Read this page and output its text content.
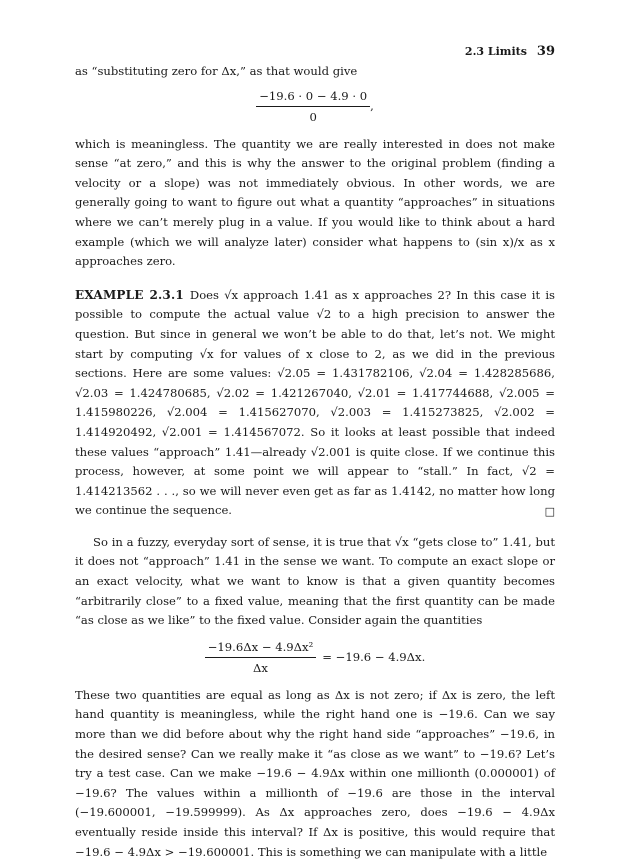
2.3 Limits 39

as “substituting zero for Δx,” as that would give

$\frac{-19.6 \cdot 0 - 4.9 \cdot 0}{0}$ ,

which is meaningless. The quantity we are really interested in does not make sense “at zero,” and this is why the answer to the original problem (finding a velocity or a slope) was not immediately obvious. In other words, we are generally going to want to figure out what a quantity “approaches” in situations where we can’t merely plug in a value. If you would like to think about a hard example (which we will analyze later) consider what happens to (sin x)/x as x approaches zero.

EXAMPLE 2.3.1 Does √x approach 1.41 as x approaches 2? In this case it is possible to compute the actual value √2 to a high precision to answer the question. But since in general we won’t be able to do that, let’s not. We might start by computing √x for values of x close to 2, as we did in the previous sections. Here are some values: √2.05 = 1.431782106, √2.04 = 1.428285686, √2.03 = 1.424780685, √2.02 = 1.421267040, √2.01 = 1.417744688, √2.005 = 1.415980226, √2.004 = 1.415627070, √2.003 = 1.415273825, √2.002 = 1.414920492, √2.001 = 1.414567072. So it looks at least possible that indeed these values “approach” 1.41—already √2.001 is quite close. If we continue this process, however, at some point we will appear to “stall.” In fact, √2 = 1.414213562 . . ., so we will never even get as far as 1.4142, no matter how long we continue the sequence.	□

So in a fuzzy, everyday sort of sense, it is true that √x “gets close to” 1.41, but it does not “approach” 1.41 in the sense we want. To compute an exact slope or an exact velocity, what we want to know is that a given quantity becomes “arbitrarily close” to a fixed value, meaning that the first quantity can be made “as close as we like” to the fixed value. Consider again the quantities

$\frac{\text{−19.6Δx − 4.9Δx²}}{\Delta x} = -19.6 - 4.9\Delta x$.

These two quantities are equal as long as Δx is not zero; if Δx is zero, the left hand quantity is meaningless, while the right hand one is −19.6. Can we say more than we did before about why the right hand side “approaches” −19.6, in the desired sense? Can we really make it “as close as we want” to −19.6? Let’s try a test case. Can we make −19.6 − 4.9Δx within one millionth (0.000001) of −19.6? The values within a millionth of −19.6 are those in the interval (−19.600001, −19.599999). As Δx approaches zero, does −19.6 − 4.9Δx eventually reside inside this interval? If Δx is positive, this would require that −19.6 − 4.9Δx > −19.600001. This is something we can manipulate with a little
